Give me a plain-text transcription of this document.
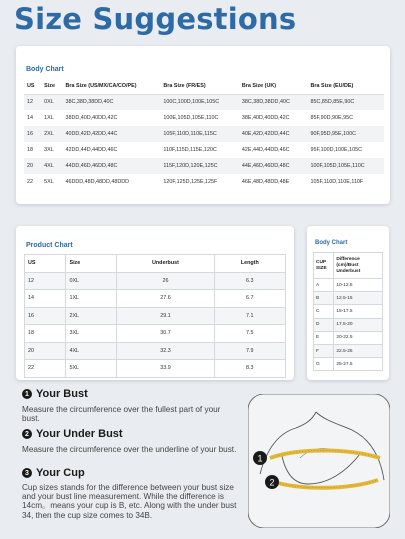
Size Suggestions
Body Chart
US	Size	Bra Size (US/MX/CA/CO/PE)	Bra Size (FR/ES)	Bra Size (UK)	Bra Size (EU/DE)
12	0XL	38C,38D,38DD,40C	100C,100D,100E,105C	38C,38D,38DD,40C	85C,85D,85E,90C
14	1XL	38DD,40D,40DD,42C	100E,105D,105E,110C	38E,40D,40DD,42C	85F,90D,90E,95C
16	2XL	40DD,42D,42DD,44C	105F,110D,110E,115C	40E,42D,42DD,44C	90F,95D,95E,100C
18	3XL	42DD,44D,44DD,46C	110F,115D,115E,120C	42E,44D,44DD,46C	95F,100D,100E,105C
20	4XL	44DD,46D,46DD,48C	115F,120D,120E,125C	44E,46D,46DD,48C	100F,105D,105E,110C
22	5XL	46DDD,48D,48DD,48DDD	120F,125D,125E,125F	46E,48D,48DD,48E	105F,110D,110E,110F
Product Chart
US	Size	Underbust	Length
12	0XL	26	6.3
14	1XL	27.6	6.7
16	2XL	29.1	7.1
18	3XL	30.7	7.5
20	4XL	32.3	7.9
22	5XL	33.9	8.3
Body Chart
CUP SIZE	Difference (cm)/Bust Underbust
A	10-12.5
B	12.5-15
C	15-17.5
D	17.5-20
E	20-22.5
F	22.5-25
G	25-27.5
1 Your Bust
Measure the circumference over the fullest part of your bust.
2 Your Under Bust
Measure the circumference over the underline of your bust.
3 Your Cup
Cup sizes stands for the difference between your bust size and your bust line measurement. While the difference is 14cm。means your cup is B, etc. Along with the under bust 34, then the cup size comes to 34B.
1
2
